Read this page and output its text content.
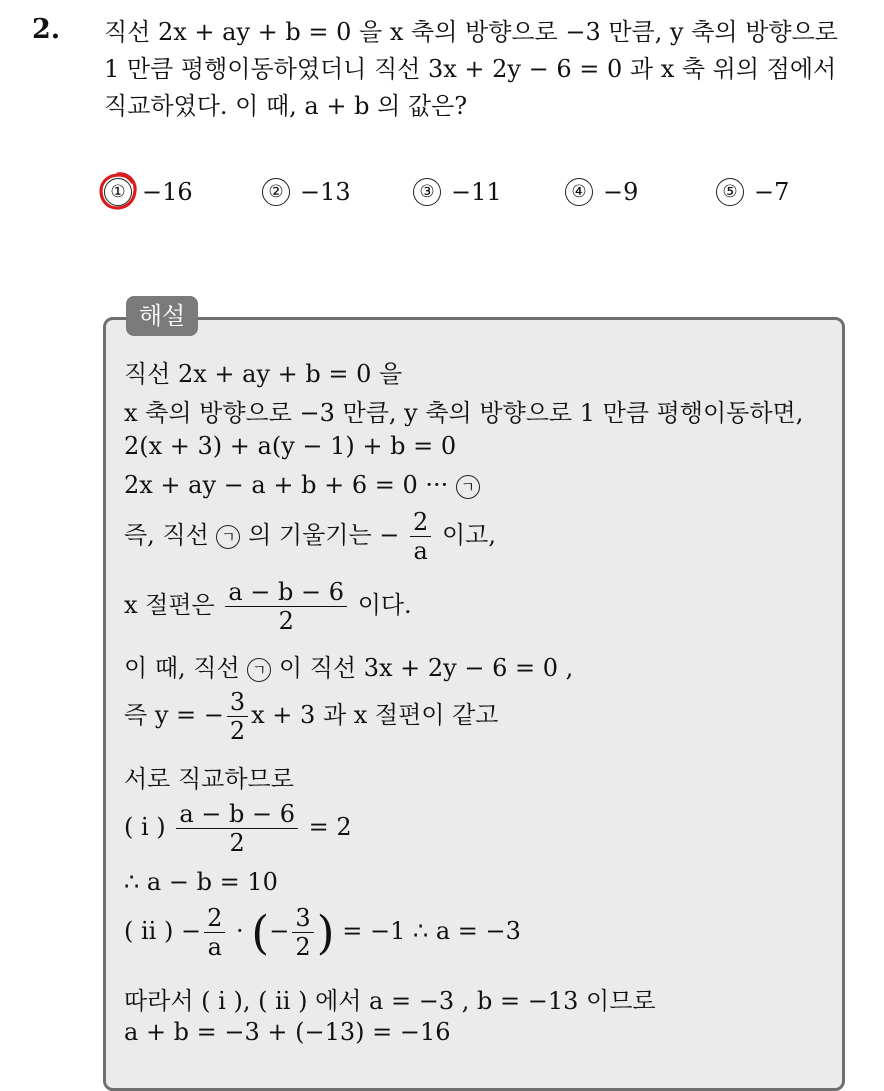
2. 직선 2x + ay + b = 0 을 x 축의 방향으로 −3 만큼, y 축의 방향으로
1 만큼 평행이동하였더니 직선 3x + 2y − 6 = 0 과 x 축 위의 점에서
직교하였다. 이 때, a + b 의 값은?
① −16	② −13	③ −11	④ −9	⑤ −7
해설
직선 2x + ay + b = 0 을
x 축의 방향으로 −3 만큼, y 축의 방향으로 1 만큼 평행이동하면,
2(x + 3) + a(y − 1) + b = 0
2x + ay − a + b + 6 = 0 ··· ㄱ
즉, 직선 ㄱ 의 기울기는 − $\frac{2}{a}$ 이고,
x 절편은 $\frac{a - b - 6}{2}$ 이다.
이 때, 직선 ㄱ 이 직선 3x + 2y − 6 = 0 ,
즉 y = − $\frac{3}{2}$ x + 3 과 x 절편이 같고
서로 직교하므로
( i ) $\frac{a - b - 6}{2} = 2$
∴ a − b = 10
( ii ) − $\frac{2}{a}$ · (− $\frac{3}{2}$ ) = −1 ∴ a = −3
따라서 ( i ), ( ii ) 에서 a = −3 , b = −13 이므로
a + b = −3 + (−13) = −16
